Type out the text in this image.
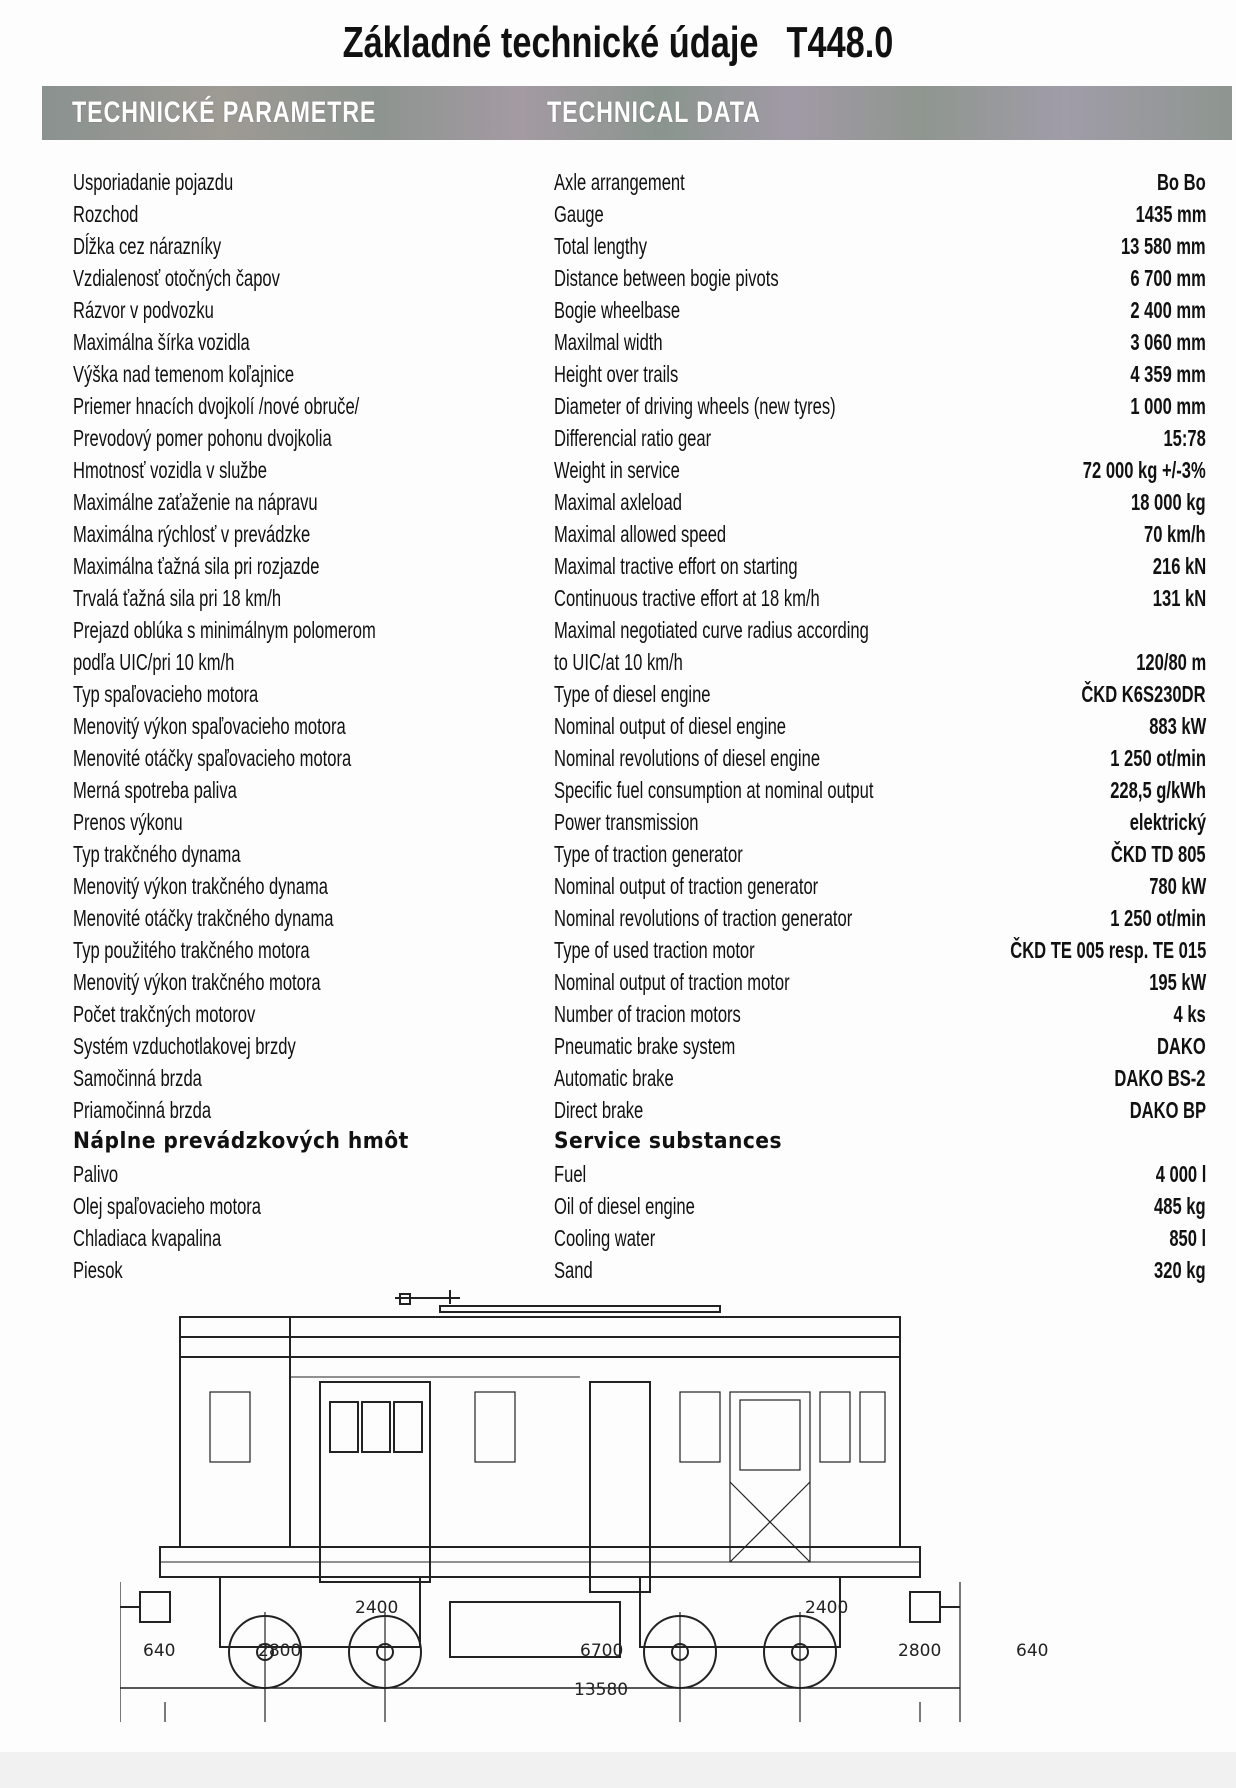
Základné technické údaje T448.0
TECHNICKÉ PARAMETRE	TECHNICAL DATA
Usporiadanie pojazdu	Axle arrangement	Bo Bo
Rozchod	Gauge	1435 mm
Dĺžka cez nárazníky	Total lengthy	13 580 mm
Vzdialenosť otočných čapov	Distance between bogie pivots	6 700 mm
Rázvor v podvozku	Bogie wheelbase	2 400 mm
Maximálna šírka vozidla	Maxilmal width	3 060 mm
Výška nad temenom koľajnice	Height over trails	4 359 mm
Priemer hnacích dvojkolí /nové obruče/	Diameter of driving wheels (new tyres)	1 000 mm
Prevodový pomer pohonu dvojkolia	Differencial ratio gear	15:78
Hmotnosť vozidla v službe	Weight in service	72 000 kg +/-3%
Maximálne zaťaženie na nápravu	Maximal axleload	18 000 kg
Maximálna rýchlosť v prevádzke	Maximal allowed speed	70 km/h
Maximálna ťažná sila pri rozjazde	Maximal tractive effort on starting	216 kN
Trvalá ťažná sila pri 18 km/h	Continuous tractive effort at 18 km/h	131 kN
Prejazd oblúka s minimálnym polomerom	Maximal negotiated curve radius according
podľa UIC/pri 10 km/h	to UIC/at 10 km/h	120/80 m
Typ spaľovacieho motora	Type of diesel engine	ČKD K6S230DR
Menovitý výkon spaľovacieho motora	Nominal output of diesel engine	883 kW
Menovité otáčky spaľovacieho motora	Nominal revolutions of diesel engine	1 250 ot/min
Merná spotreba paliva	Specific fuel consumption at nominal output	228,5 g/kWh
Prenos výkonu	Power transmission	elektrický
Typ trakčného dynama	Type of traction generator	ČKD TD 805
Menovitý výkon trakčného dynama	Nominal output of traction generator	780 kW
Menovité otáčky trakčného dynama	Nominal revolutions of traction generator	1 250 ot/min
Typ použitého trakčného motora	Type of used traction motor	ČKD TE 005 resp. TE 015
Menovitý výkon trakčného motora	Nominal output of traction motor	195 kW
Počet trakčných motorov	Number of tracion motors	4 ks
Systém vzduchotlakovej brzdy	Pneumatic brake system	DAKO
Samočinná brzda	Automatic brake	DAKO BS-2
Priamočinná brzda	Direct brake	DAKO BP
Náplne prevádzkových hmôt	Service substances
Palivo	Fuel	4 000 l
Olej spaľovacieho motora	Oil of diesel engine	485 kg
Chladiaca kvapalina	Cooling water	850 l
Piesok	Sand	320 kg
2400	2400
640	2800	6700	2800	640
13580
